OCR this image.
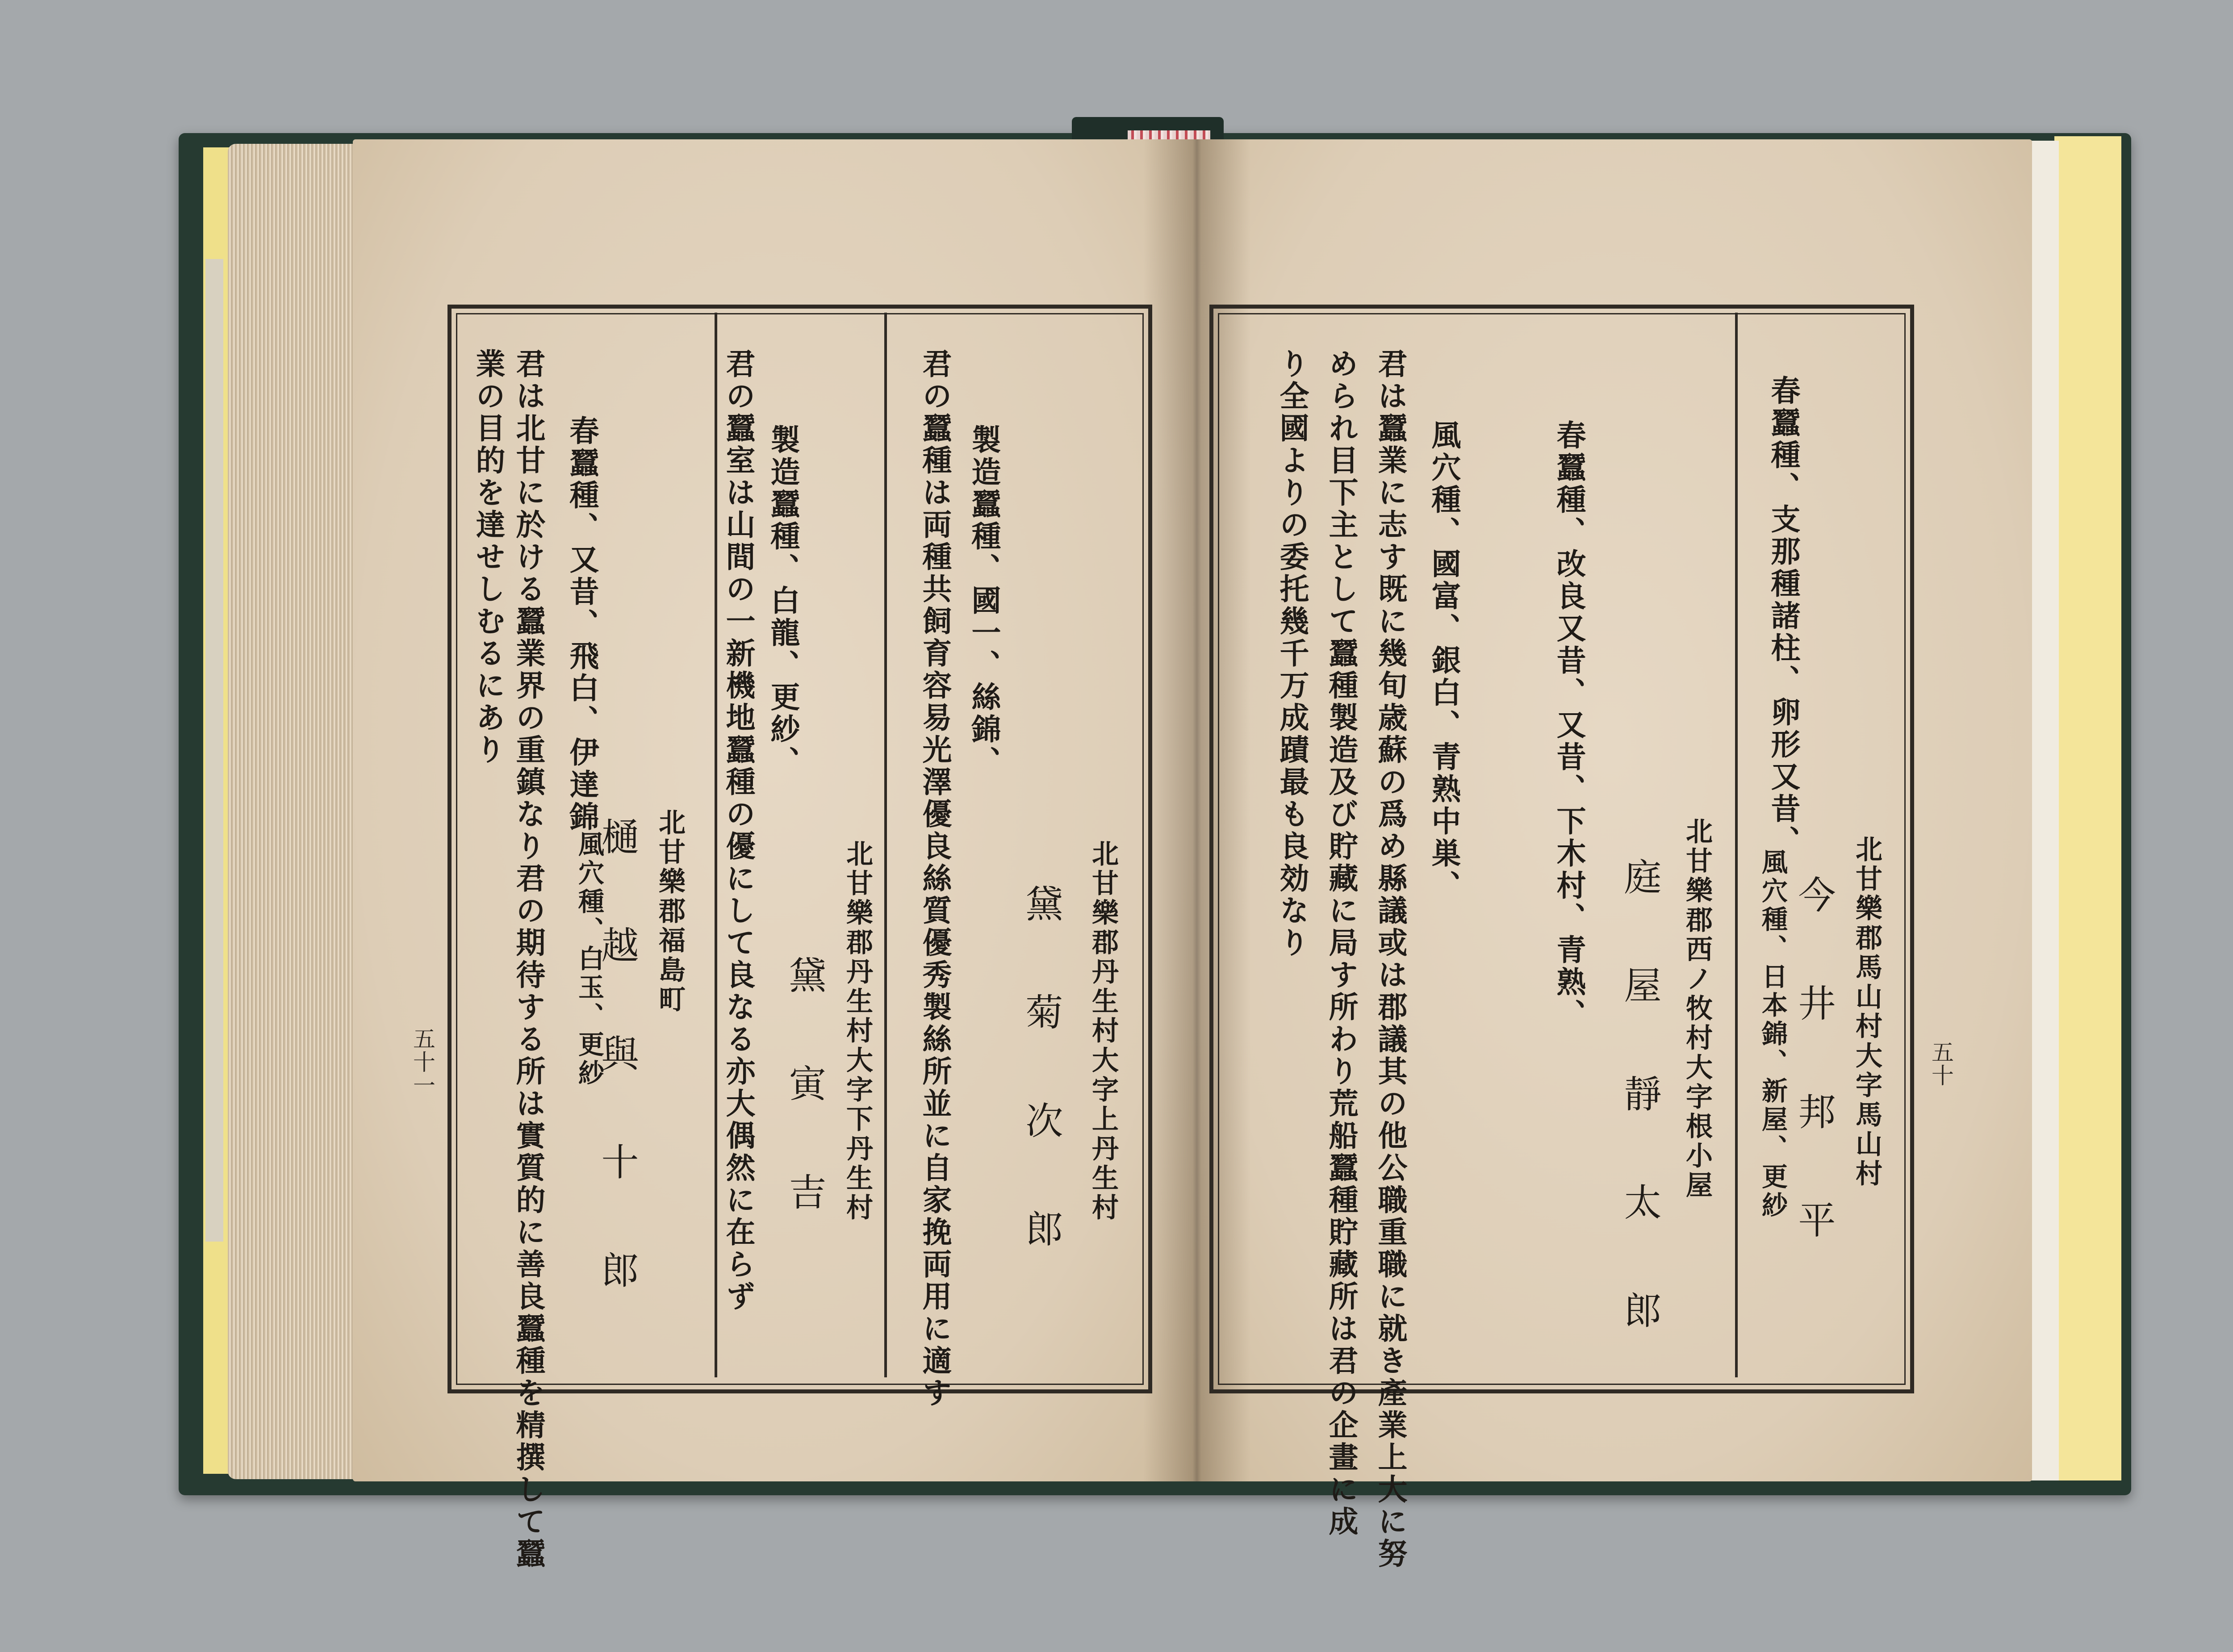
北甘樂郡丹生村大字上丹生村
黛 菊 次 郎
製造蠶種、國一、絲錦、
君の蠶種は両種共飼育容易光澤優良絲質優秀製絲所並に自家挽両用に適す
北甘樂郡丹生村大字下丹生村
黛 寅 吉
製造蠶種、白龍、更紗、
君の蠶室は山間の一新機地蠶種の優にして良なる亦大偶然に在らず
北甘樂郡福島町
樋 越 與 十 郎
春蠶種、又昔、飛白、伊達錦
風穴種、白玉、更紗
君は北甘に於ける蠶業界の重鎮なり君の期待する所は實質的に善良蠶種を精撰して蠶
業の目的を達せしむるにあり
五十一	北甘樂郡馬山村大字馬山村
今 井 邦 平
春蠶種、支那種諸柱、卵形又昔、
風穴種、日本錦、新屋、更紗
北甘樂郡西ノ牧村大字根小屋
庭 屋 靜 太 郎
春蠶種、改良又昔、又昔、下木村、青熟、
風穴種、國富、銀白、青熟中巣、
君は蠶業に志す既に幾旬歳蘇の爲め縣議或は郡議其の他公職重職に就き產業上大に努
められ目下主として蠶種製造及び貯藏に局す所わり荒船蠶種貯藏所は君の企畫に成
り全國よりの委托幾千万成蹟最も良効なり
五十
